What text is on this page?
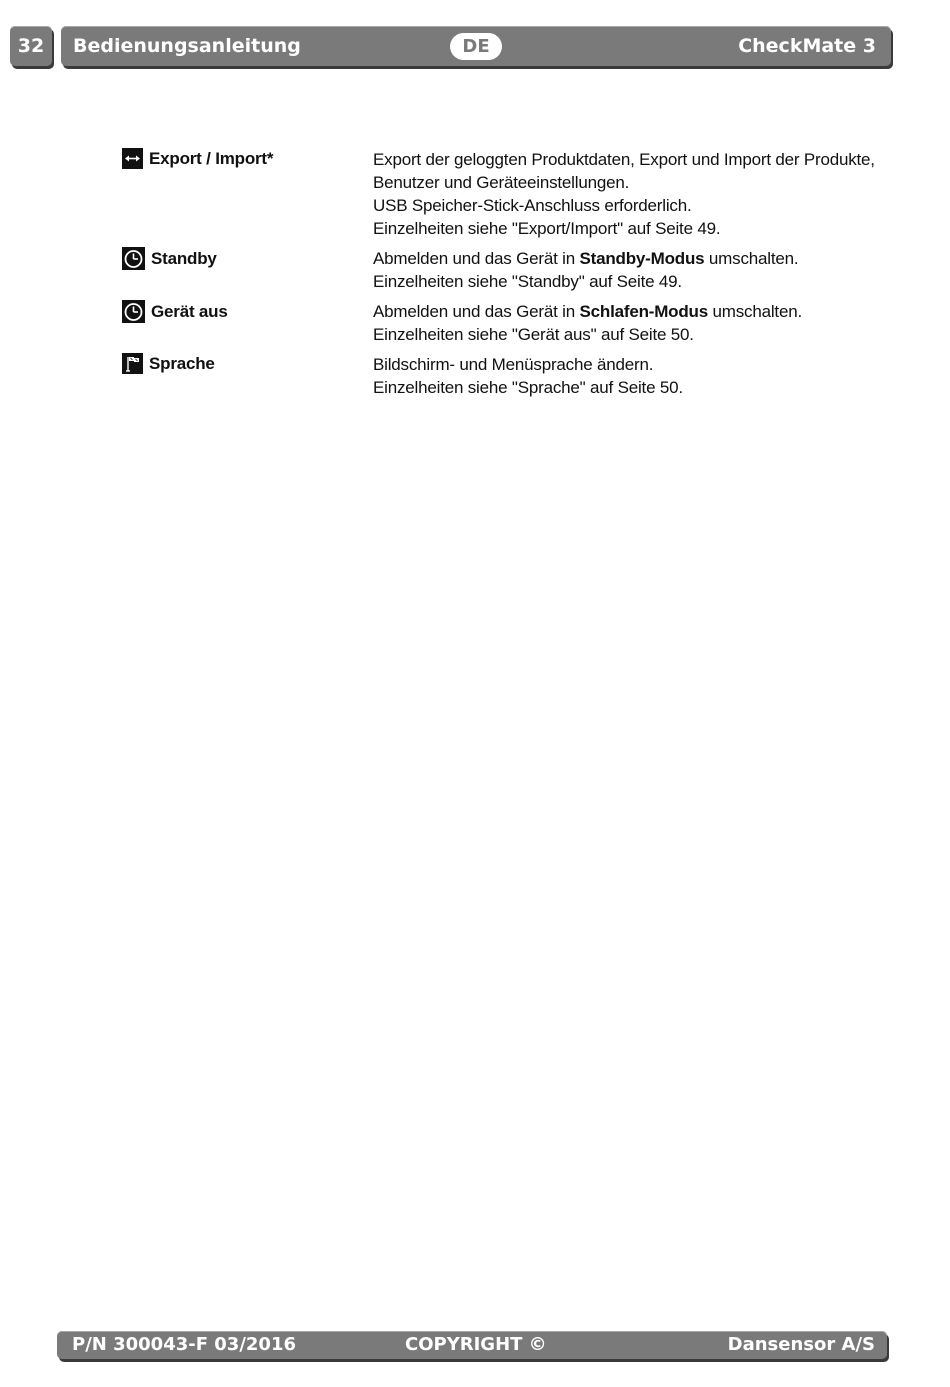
32	Bedienungsanleitung	DE	CheckMate 3
Export / Import*	Export der geloggten Produktdaten, Export und Import der Produkte,
Benutzer und Geräteeinstellungen.
USB Speicher-Stick-Anschluss erforderlich.
Einzelheiten siehe "Export/Import" auf Seite 49.
Standby	Abmelden und das Gerät in Standby-Modus umschalten.
Einzelheiten siehe "Standby" auf Seite 49.
Gerät aus	Abmelden und das Gerät in Schlafen-Modus umschalten.
Einzelheiten siehe "Gerät aus" auf Seite 50.
Sprache	Bildschirm- und Menüsprache ändern.
Einzelheiten siehe "Sprache" auf Seite 50.
P/N 300043-F 03/2016	COPYRIGHT ©	Dansensor A/S
